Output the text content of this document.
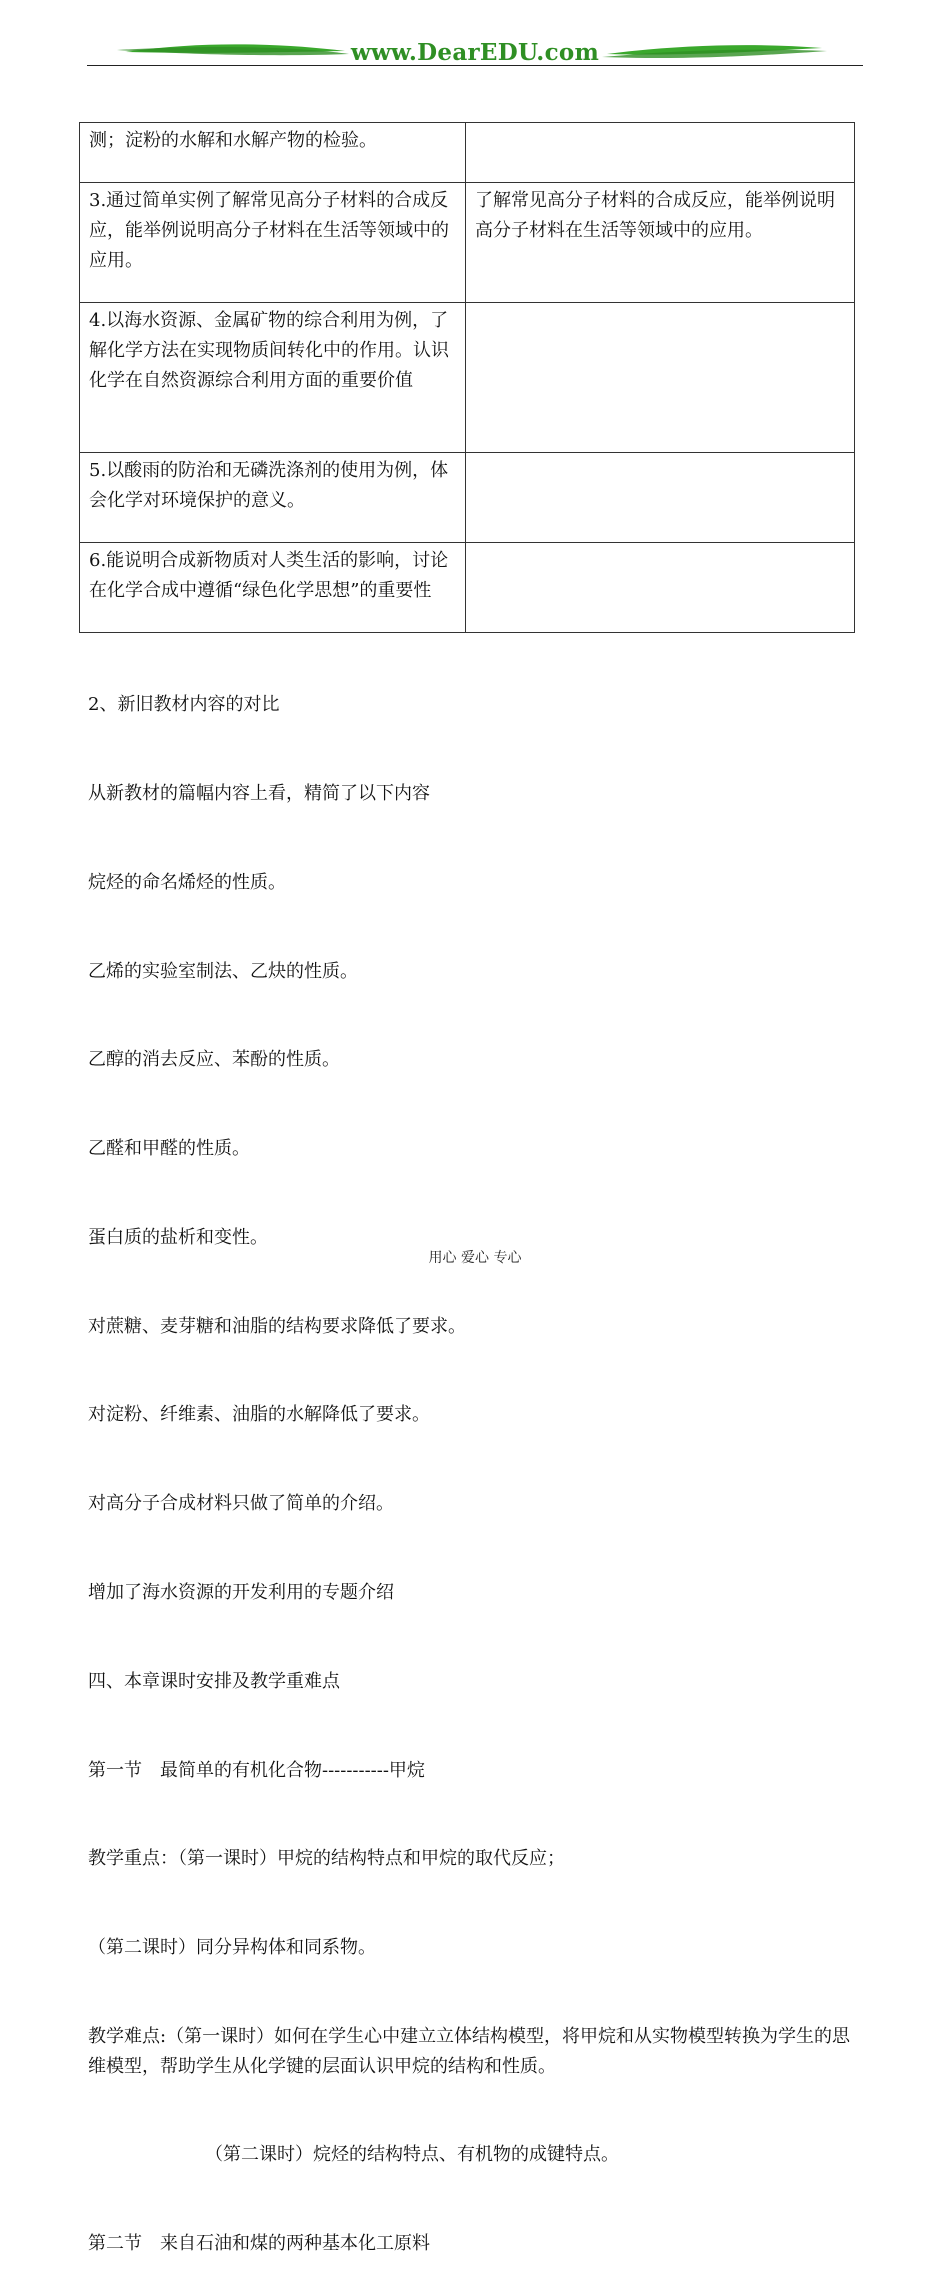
www.DearEDU.com
测；淀粉的水解和水解产物的检验。	
3.通过简单实例了解常见高分子材料的合成反应，能举例说明高分子材料在生活等领域中的应用。	了解常见高分子材料的合成反应，能举例说明高分子材料在生活等领域中的应用。
4.以海水资源、金属矿物的综合利用为例，了解化学方法在实现物质间转化中的作用。认识化学在自然资源综合利用方面的重要价值	
5.以酸雨的防治和无磷洗涤剂的使用为例，体会化学对环境保护的意义。	
6.能说明合成新物质对人类生活的影响，讨论在化学合成中遵循“绿色化学思想”的重要性	

2、新旧教材内容的对比

从新教材的篇幅内容上看，精简了以下内容

烷烃的命名烯烃的性质。

乙烯的实验室制法、乙炔的性质。

乙醇的消去反应、苯酚的性质。

乙醛和甲醛的性质。

蛋白质的盐析和变性。

对蔗糖、麦芽糖和油脂的结构要求降低了要求。

对淀粉、纤维素、油脂的水解降低了要求。

对高分子合成材料只做了简单的介绍。

增加了海水资源的开发利用的专题介绍

四、本章课时安排及教学重难点

第一节　最简单的有机化合物-----------甲烷

教学重点：（第一课时）甲烷的结构特点和甲烷的取代反应；

（第二课时）同分异构体和同系物。

教学难点:（第一课时）如何在学生心中建立立体结构模型，将甲烷和从实物模型转换为学生的思维模型，帮助学生从化学键的层面认识甲烷的结构和性质。

（第二课时）烷烃的结构特点、有机物的成键特点。

第二节　来自石油和煤的两种基本化工原料

用心 爱心 专心
